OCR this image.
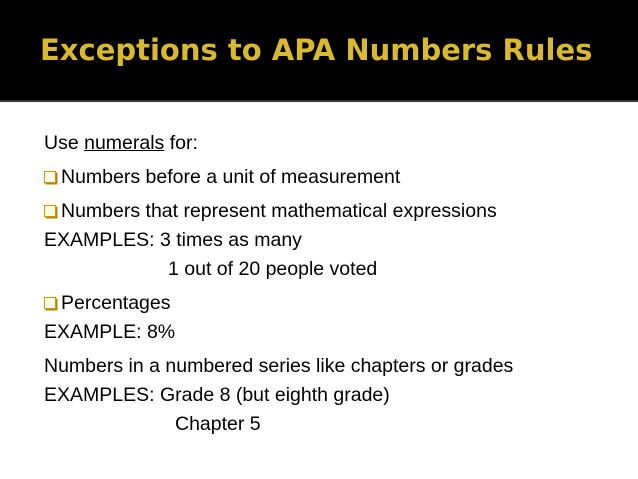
Exceptions to APA Numbers Rules
Use numerals for:
Numbers before a unit of measurement
Numbers that represent mathematical expressions
EXAMPLES: 3 times as many
1 out of 20 people voted
Percentages
EXAMPLE: 8%
Numbers in a numbered series like chapters or grades
EXAMPLES: Grade 8 (but eighth grade)
Chapter 5
